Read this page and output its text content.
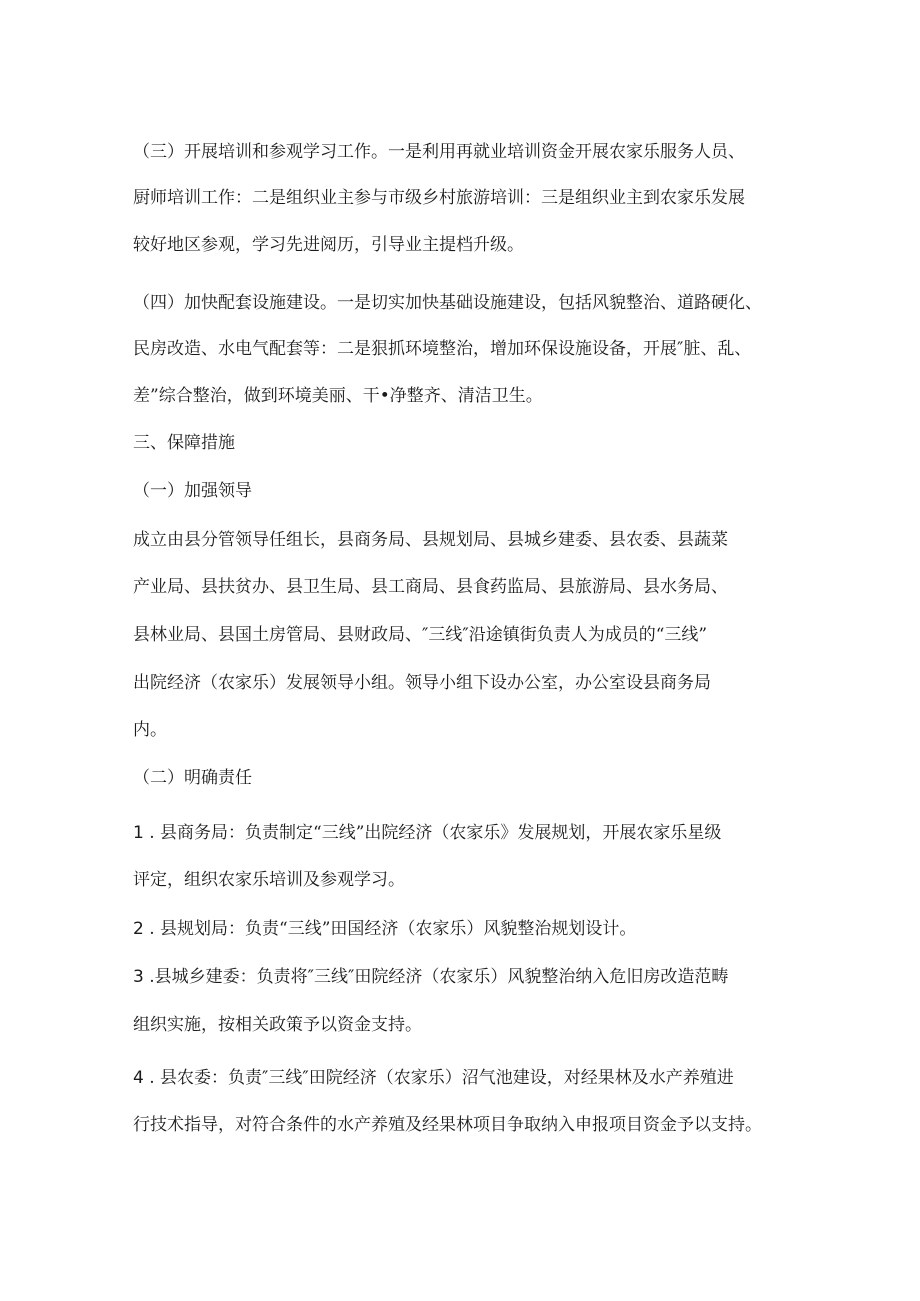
（三）开展培训和参观学习工作。一是利用再就业培训资金开展农家乐服务人员、
厨师培训工作：二是组织业主参与市级乡村旅游培训：三是组织业主到农家乐发展
较好地区参观，学习先进阅历，引导业主提档升级。
（四）加快配套设施建设。一是切实加快基础设施建设，包括风貌整治、道路硬化、
民房改造、水电气配套等：二是狠抓环境整治，增加环保设施设备，开展″脏、乱、
差”综合整治，做到环境美丽、干•净整齐、清洁卫生。
三、保障措施
（一）加强领导
成立由县分管领导任组长，县商务局、县规划局、县城乡建委、县农委、县蔬菜
产业局、县扶贫办、县卫生局、县工商局、县食药监局、县旅游局、县水务局、
县林业局、县国土房管局、县财政局、″三线″沿途镇街负责人为成员的“三线”
出院经济（农家乐）发展领导小组。领导小组下设办公室，办公室设县商务局
内。
（二）明确责任
1 . 县商务局：负责制定“三线”出院经济（农家乐》发展规划，开展农家乐星级
评定，组织农家乐培训及参观学习。
2 . 县规划局：负责“三线”田国经济（农家乐）风貌整治规划设计。
3 .县城乡建委：负责将″三线″田院经济（农家乐）风貌整治纳入危旧房改造范畴
组织实施，按相关政策予以资金支持。
4 . 县农委：负责″三线″田院经济（农家乐）沼气池建设，对经果林及水产养殖进
行技术指导，对符合条件的水产养殖及经果林项目争取纳入申报项目资金予以支持。
